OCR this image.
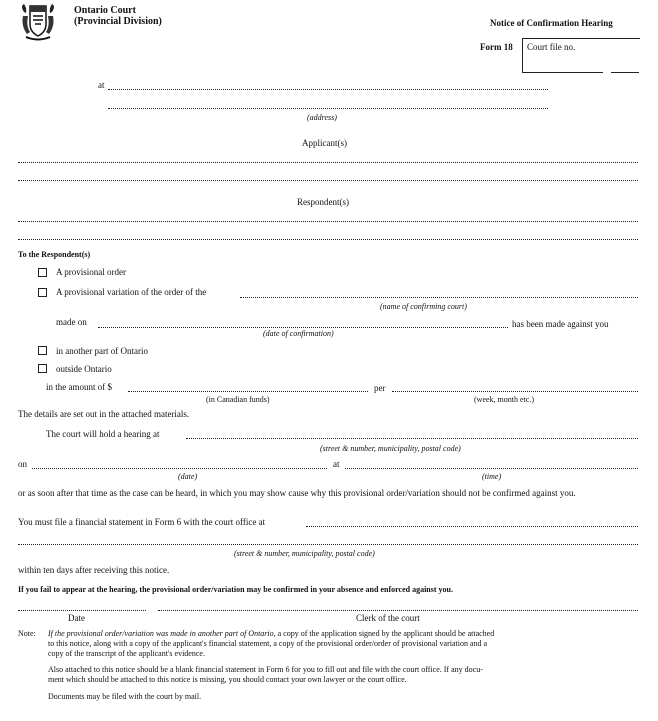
Ontario Court
(Provincial Division)	Notice of Confirmation Hearing
Form 18 Court file no.
at
(address)
Applicant(s)
Respondent(s)
To the Respondent(s)
A provisional order
A provisional variation of the order of the
(name of confirming court)
made on	has been made against you
(date of confirmation)
in another part of Ontario
outside Ontario
in the amount of $	per
(in Canadian funds)	(week, month etc.)
The details are set out in the attached materials.
The court will hold a hearing at
(street & number, municipality, postal code)
on	at
(date)	(time)
or as soon after that time as the case can be heard, in which you may show cause why this provisional order/variation should not be confirmed against you.
You must file a financial statement in Form 6 with the court office at
(street & number, municipality, postal code)
within ten days after receiving this notice.
If you fail to appear at the hearing, the provisional order/variation may be confirmed in your absence and enforced against you.
Date	Clerk of the court
Note: If the provisional order/variation was made in another part of Ontario, a copy of the application signed by the applicant should be attached
to this notice, along with a copy of the applicant's financial statement, a copy of the provisional order/order of provisional variation and a
copy of the transcript of the applicant's evidence.
Also attached to this notice should be a blank financial statement in Form 6 for you to fill out and file with the court office. If any docu-
ment which should be attached to this notice is missing, you should contact your own lawyer or the court office.
Documents may be filed with the court by mail.
